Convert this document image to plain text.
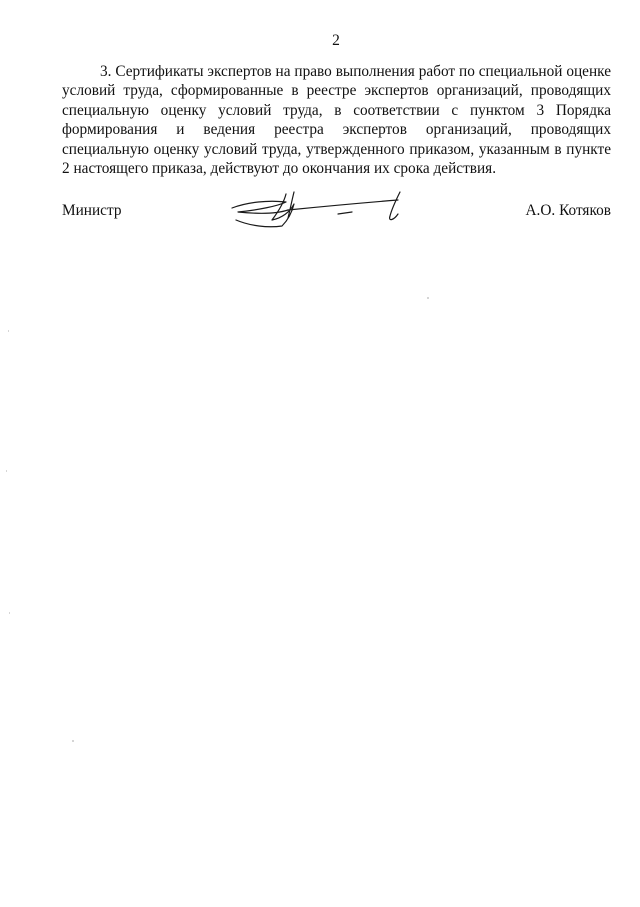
2

3. Сертификаты экспертов на право выполнения работ по специальной оценке условий труда, сформированные в реестре экспертов организаций, проводящих специальную оценку условий труда, в соответствии с пунктом 3 Порядка формирования и ведения реестра экспертов организаций, проводящих специальную оценку условий труда, утвержденного приказом, указанным в пункте 2 настоящего приказа, действуют до окончания их срока действия.

Министр	А.О. Котяков
